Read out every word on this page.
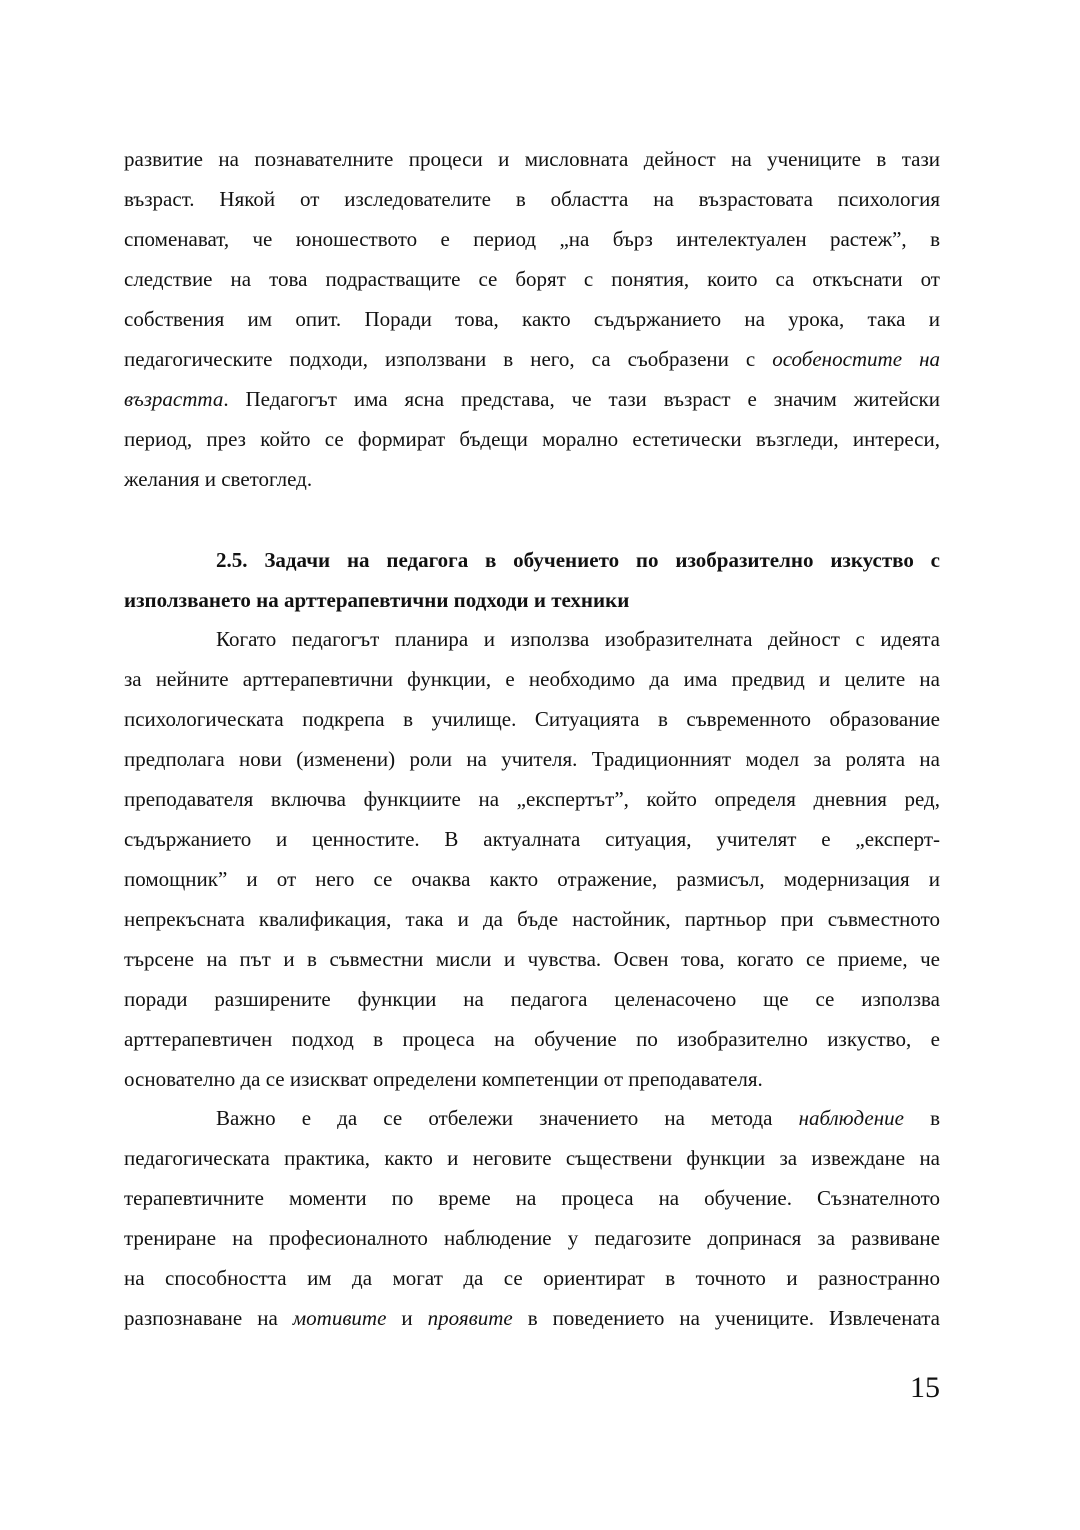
развитие на познавателните процеси и мисловната дейност на учениците в тази
възраст. Някой от изследователите в областта на възрастовата психология
споменават, че юношеството е период „на бърз интелектуален растеж”, в
следствие на това подрастващите се борят с понятия, които са откъснати от
собствения им опит. Поради това, както съдържанието на урока, така и
педагогическите подходи, използвани в него, са съобразени с особеностите на
възрастта. Педагогът има ясна представа, че тази възраст е значим житейски
период, през който се формират бъдещи морално естетически възгледи, интереси,
желания и светоглед.
2.5. Задачи на педагога в обучението по изобразително изкуство с
използването на арттерапевтични подходи и техники
Когато педагогът планира и използва изобразителната дейност с идеята
за нейните арттерапевтични функции, е необходимо да има предвид и целите на
психологическата подкрепа в училище. Ситуацията в съвременното образование
предполага нови (изменени) роли на учителя. Традиционният модел за ролята на
преподавателя включва функциите на „експертът”, който определя дневния ред,
съдържанието и ценностите. В актуалната ситуация, учителят е „експерт-
помощник” и от него се очаква както отражение, размисъл, модернизация и
непрекъсната квалификация, така и да бъде настойник, партньор при съвместното
търсене на път и в съвместни мисли и чувства. Освен това, когато се приеме, че
поради разширените функции на педагога целенасочено ще се използва
арттерапевтичен подход в процеса на обучение по изобразително изкуство, е
основателно да се изискват определени компетенции от преподавателя.
Важно е да се отбележи значението на метода наблюдение в
педагогическата практика, както и неговите съществени функции за извеждане на
терапевтичните моменти по време на процеса на обучение. Съзнателното
трениране на професионалното наблюдение у педагозите допринася за развиване
на способността им да могат да се ориентират в точното и разностранно
разпознаване на мотивите и проявите в поведението на учениците. Извлечената
15
